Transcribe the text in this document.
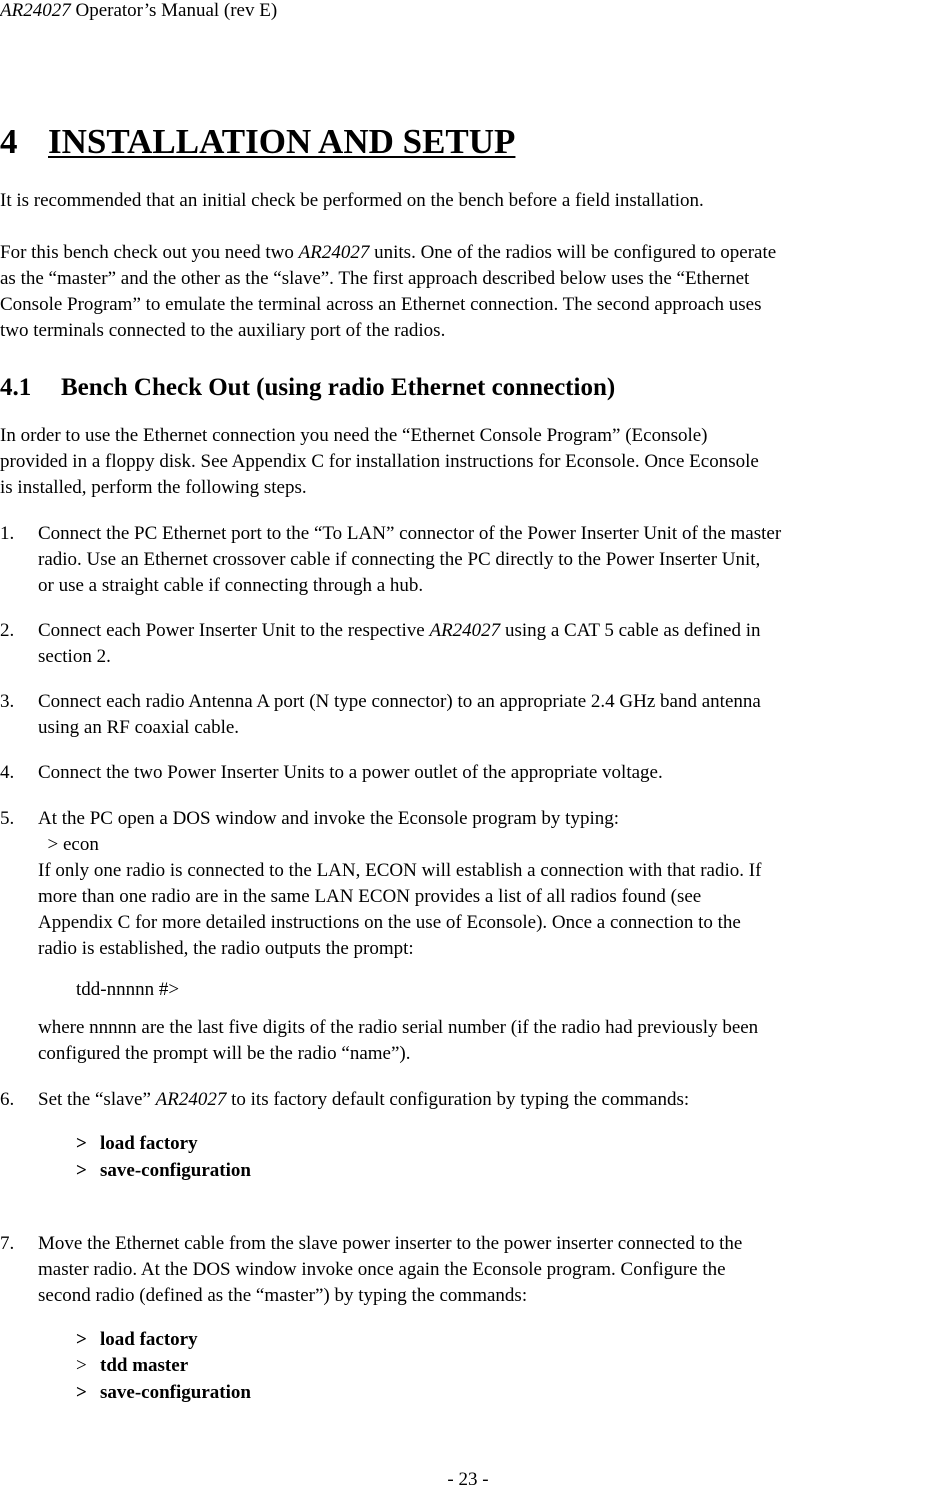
AR24027 Operator’s Manual (rev E)
4 INSTALLATION AND SETUP
It is recommended that an initial check be performed on the bench before a field installation.
For this bench check out you need two AR24027 units. One of the radios will be configured to operate
as the “master” and the other as the “slave”. The first approach described below uses the “Ethernet
Console Program” to emulate the terminal across an Ethernet connection. The second approach uses
two terminals connected to the auxiliary port of the radios.
4.1 Bench Check Out (using radio Ethernet connection)
In order to use the Ethernet connection you need the “Ethernet Console Program” (Econsole)
provided in a floppy disk. See Appendix C for installation instructions for Econsole. Once Econsole
is installed, perform the following steps.
1. Connect the PC Ethernet port to the “To LAN” connector of the Power Inserter Unit of the master
radio. Use an Ethernet crossover cable if connecting the PC directly to the Power Inserter Unit,
or use a straight cable if connecting through a hub.
2. Connect each Power Inserter Unit to the respective AR24027 using a CAT 5 cable as defined in
section 2.
3. Connect each radio Antenna A port (N type connector) to an appropriate 2.4 GHz band antenna
using an RF coaxial cable.
4. Connect the two Power Inserter Units to a power outlet of the appropriate voltage.
5. At the PC open a DOS window and invoke the Econsole program by typing:
> econ
If only one radio is connected to the LAN, ECON will establish a connection with that radio. If
more than one radio are in the same LAN ECON provides a list of all radios found (see
Appendix C for more detailed instructions on the use of Econsole). Once a connection to the
radio is established, the radio outputs the prompt:
tdd-nnnnn #>
where nnnnn are the last five digits of the radio serial number (if the radio had previously been
configured the prompt will be the radio “name”).
6. Set the “slave” AR24027 to its factory default configuration by typing the commands:
> load factory
> save-configuration
7. Move the Ethernet cable from the slave power inserter to the power inserter connected to the
master radio. At the DOS window invoke once again the Econsole program. Configure the
second radio (defined as the “master”) by typing the commands:
> load factory
> tdd master
> save-configuration
- 23 -
